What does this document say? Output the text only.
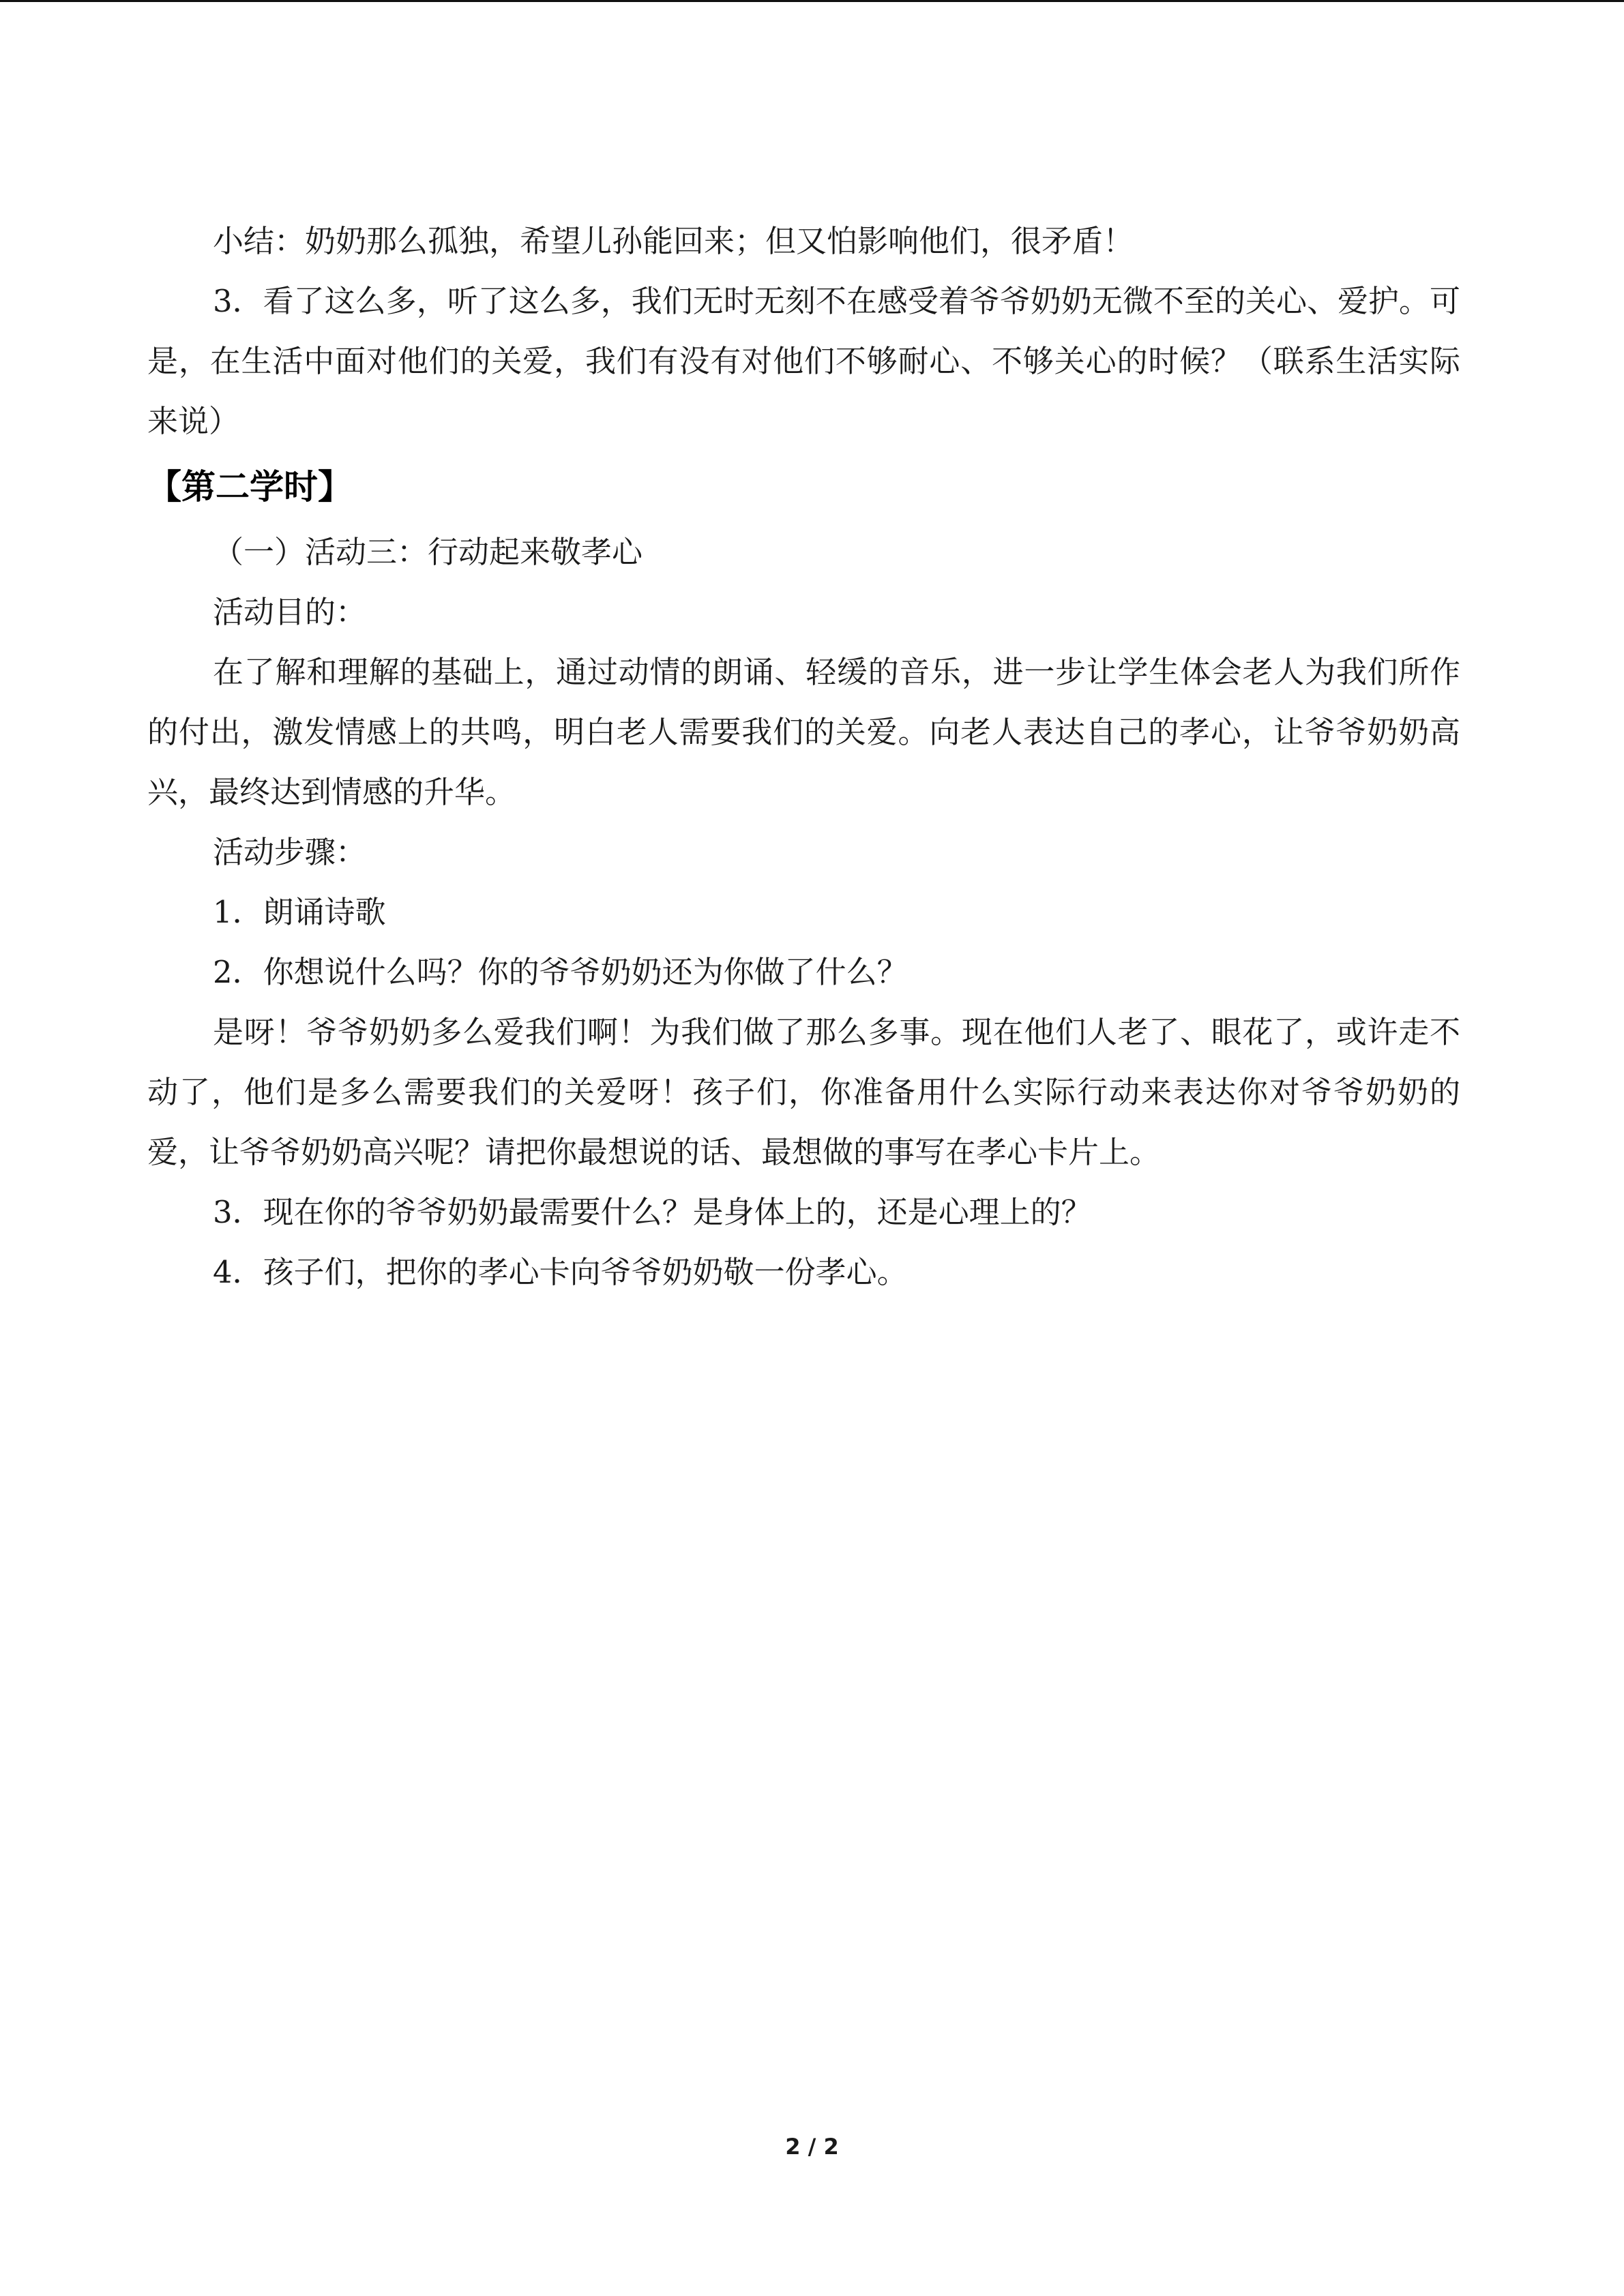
小结：奶奶那么孤独，希望儿孙能回来；但又怕影响他们，很矛盾！

3．看了这么多，听了这么多，我们无时无刻不在感受着爷爷奶奶无微不至的关心、爱护。可是，在生活中面对他们的关爱，我们有没有对他们不够耐心、不够关心的时候？（联系生活实际来说）

【第二学时】

（一）活动三：行动起来敬孝心

活动目的：

在了解和理解的基础上，通过动情的朗诵、轻缓的音乐，进一步让学生体会老人为我们所作的付出，激发情感上的共鸣，明白老人需要我们的关爱。向老人表达自己的孝心，让爷爷奶奶高兴，最终达到情感的升华。

活动步骤：

1．朗诵诗歌

2．你想说什么吗？你的爷爷奶奶还为你做了什么？

是呀！爷爷奶奶多么爱我们啊！为我们做了那么多事。现在他们人老了、眼花了，或许走不动了，他们是多么需要我们的关爱呀！孩子们，你准备用什么实际行动来表达你对爷爷奶奶的爱，让爷爷奶奶高兴呢？请把你最想说的话、最想做的事写在孝心卡片上。

3．现在你的爷爷奶奶最需要什么？是身体上的，还是心理上的？

4．孩子们，把你的孝心卡向爷爷奶奶敬一份孝心。

2 / 2
